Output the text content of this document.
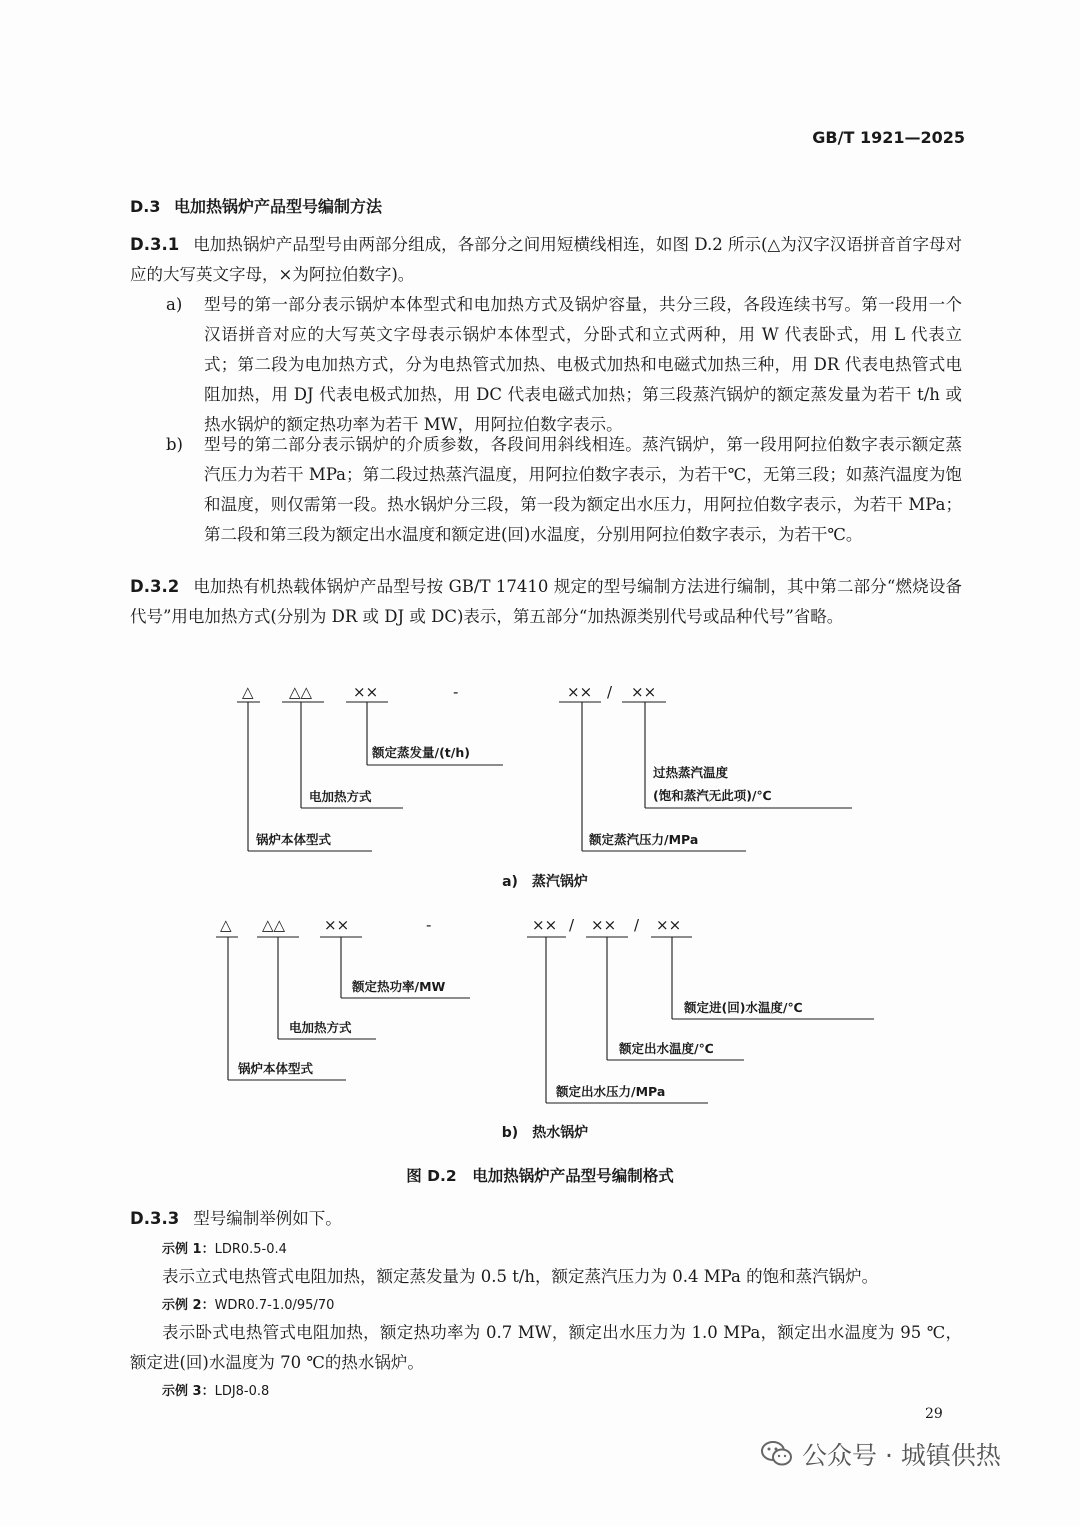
GB/T 1921—2025
D.3 电加热锅炉产品型号编制方法

D.3.1 电加热锅炉产品型号由两部分组成，各部分之间用短横线相连，如图 D.2 所示(△为汉字汉语拼音首字母对应的大写英文字母，×为阿拉伯数字)。

a)	型号的第一部分表示锅炉本体型式和电加热方式及锅炉容量，共分三段，各段连续书写。第一段用一个汉语拼音对应的大写英文字母表示锅炉本体型式，分卧式和立式两种，用 W 代表卧式，用 L 代表立式；第二段为电加热方式，分为电热管式加热、电极式加热和电磁式加热三种，用 DR 代表电热管式电阻加热，用 DJ 代表电极式加热，用 DC 代表电磁式加热；第三段蒸汽锅炉的额定蒸发量为若干 t/h 或热水锅炉的额定热功率为若干 MW，用阿拉伯数字表示。
b)	型号的第二部分表示锅炉的介质参数，各段间用斜线相连。蒸汽锅炉，第一段用阿拉伯数字表示额定蒸汽压力为若干 MPa；第二段过热蒸汽温度，用阿拉伯数字表示，为若干℃，无第三段；如蒸汽温度为饱和温度，则仅需第一段。热水锅炉分三段，第一段为额定出水压力，用阿拉伯数字表示，为若干 MPa；第二段和第三段为额定出水温度和额定进(回)水温度，分别用阿拉伯数字表示，为若干℃。

D.3.2 电加热有机热载体锅炉产品型号按 GB/T 17410 规定的型号编制方法进行编制，其中第二部分“燃烧设备代号”用电加热方式(分别为 DR 或 DJ 或 DC)表示，第五部分“加热源类别代号或品种代号”省略。

△ △△	××	-	×× / ××
额定蒸发量/(t/h)
电加热方式
锅炉本体型式
过热蒸汽温度
(饱和蒸汽无此项)/℃
额定蒸汽压力/MPa
a)　蒸汽锅炉
△ △△	××	-	×× / ×× / ××
额定热功率/MW
电加热方式
锅炉本体型式
额定进(回)水温度/℃
额定出水温度/℃
额定出水压力/MPa
b)　热水锅炉
图 D.2　电加热锅炉产品型号编制格式

D.3.3 型号编制举例如下。

示例 1：LDR0.5-0.4

表示立式电热管式电阻加热，额定蒸发量为 0.5 t/h，额定蒸汽压力为 0.4 MPa 的饱和蒸汽锅炉。

示例 2：WDR0.7-1.0/95/70

表示卧式电热管式电阻加热，额定热功率为 0.7 MW，额定出水压力为 1.0 MPa，额定出水温度为 95 ℃，额定进(回)水温度为 70 ℃的热水锅炉。

示例 3：LDJ8-0.8
29
公众号 · 城镇供热
